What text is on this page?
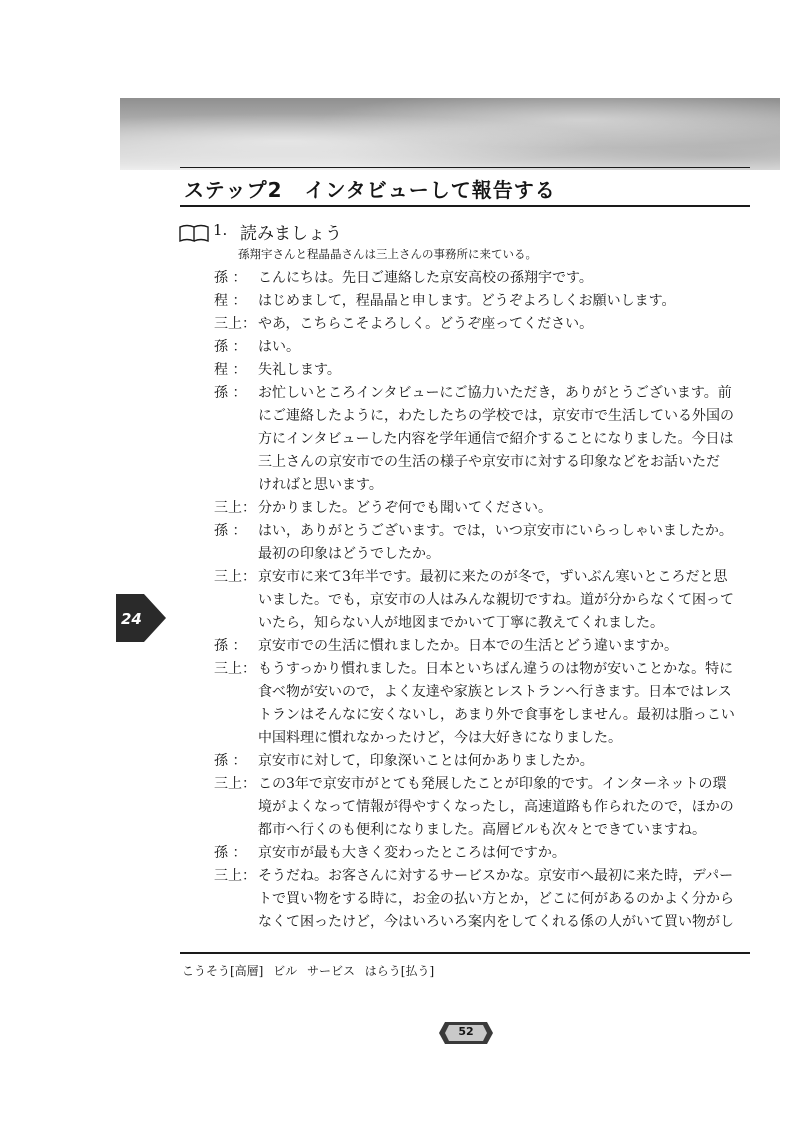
ステップ2 インタビューして報告する
1. 読みましょう
孫翔宇さんと程晶晶さんは三上さんの事務所に来ている。
孫 ： こんにちは。先日ご連絡した京安高校の孫翔宇です。
程 ： はじめまして，程晶晶と申します。どうぞよろしくお願いします。
三上： やあ，こちらこそよろしく。どうぞ座ってください。
孫 ： はい。
程 ： 失礼します。
孫 ： お忙しいところインタビューにご協力いただき，ありがとうございます。前
にご連絡したように，わたしたちの学校では，京安市で生活している外国の
方にインタビューした内容を学年通信で紹介することになりました。今日は
三上さんの京安市での生活の様子や京安市に対する印象などをお話いただ
ければと思います。
三上： 分かりました。どうぞ何でも聞いてください。
孫 ： はい，ありがとうございます。では，いつ京安市にいらっしゃいましたか。
最初の印象はどうでしたか。
三上： 京安市に来て3年半です。最初に来たのが冬で，ずいぶん寒いところだと思
いました。でも，京安市の人はみんな親切ですね。道が分からなくて困って
いたら，知らない人が地図までかいて丁寧に教えてくれました。
孫 ： 京安市での生活に慣れましたか。日本での生活とどう違いますか。
三上： もうすっかり慣れました。日本といちばん違うのは物が安いことかな。特に
食べ物が安いので，よく友達や家族とレストランへ行きます。日本ではレス
トランはそんなに安くないし，あまり外で食事をしません。最初は脂っこい
中国料理に慣れなかったけど，今は大好きになりました。
孫 ： 京安市に対して，印象深いことは何かありましたか。
三上： この3年で京安市がとても発展したことが印象的です。インターネットの環
境がよくなって情報が得やすくなったし，高速道路も作られたので，ほかの
都市へ行くのも便利になりました。高層ビルも次々とできていますね。
孫 ： 京安市が最も大きく変わったところは何ですか。
三上： そうだね。お客さんに対するサービスかな。京安市へ最初に来た時，デパー
トで買い物をする時に，お金の払い方とか，どこに何があるのかよく分から
なくて困ったけど，今はいろいろ案内をしてくれる係の人がいて買い物がし
24
こうそう[高層] ビル サービス はらう[払う]
52
